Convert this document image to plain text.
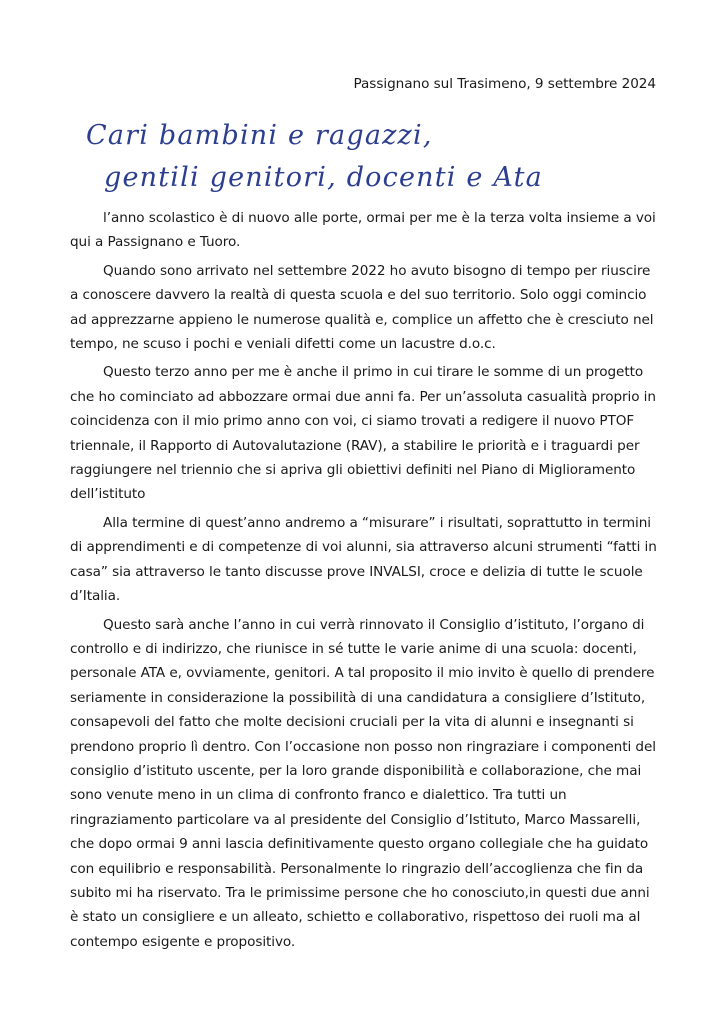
Passignano sul Trasimeno, 9 settembre 2024
Cari bambini e ragazzi,
gentili genitori, docenti e Ata

l’anno scolastico è di nuovo alle porte, ormai per me è la terza volta insieme a voi qui a Passignano e Tuoro.

Quando sono arrivato nel settembre 2022 ho avuto bisogno di tempo per riuscire a conoscere davvero la realtà di questa scuola e del suo territorio. Solo oggi comincio ad apprezzarne appieno le numerose qualità e, complice un affetto che è cresciuto nel tempo, ne scuso i pochi e veniali difetti come un lacustre d.o.c.

Questo terzo anno per me è anche il primo in cui tirare le somme di un progetto che ho cominciato ad abbozzare ormai due anni fa. Per un’assoluta casualità proprio in coincidenza con il mio primo anno con voi, ci siamo trovati a redigere il nuovo PTOF triennale, il Rapporto di Autovalutazione (RAV), a stabilire le priorità e i traguardi per raggiungere nel triennio che si apriva gli obiettivi definiti nel Piano di Miglioramento dell’istituto

Alla termine di quest’anno andremo a “misurare” i risultati, soprattutto in termini di apprendimenti e di competenze di voi alunni, sia attraverso alcuni strumenti “fatti in casa” sia attraverso le tanto discusse prove INVALSI, croce e delizia di tutte le scuole d’Italia.

Questo sarà anche l’anno in cui verrà rinnovato il Consiglio d’istituto, l’organo di controllo e di indirizzo, che riunisce in sé tutte le varie anime di una scuola: docenti, personale ATA e, ovviamente, genitori. A tal proposito il mio invito è quello di prendere seriamente in considerazione la possibilità di una candidatura a consigliere d’Istituto, consapevoli del fatto che molte decisioni cruciali per la vita di alunni e insegnanti si prendono proprio lì dentro. Con l’occasione non posso non ringraziare i componenti del consiglio d’istituto uscente, per la loro grande disponibilità e collaborazione, che mai sono venute meno in un clima di confronto franco e dialettico. Tra tutti un ringraziamento particolare va al presidente del Consiglio d’Istituto, Marco Massarelli, che dopo ormai 9 anni lascia definitivamente questo organo collegiale che ha guidato con equilibrio e responsabilità. Personalmente lo ringrazio dell’accoglienza che fin da subito mi ha riservato. Tra le primissime persone che ho conosciuto,in questi due anni è stato un consigliere e un alleato, schietto e collaborativo, rispettoso dei ruoli ma al contempo esigente e propositivo.
